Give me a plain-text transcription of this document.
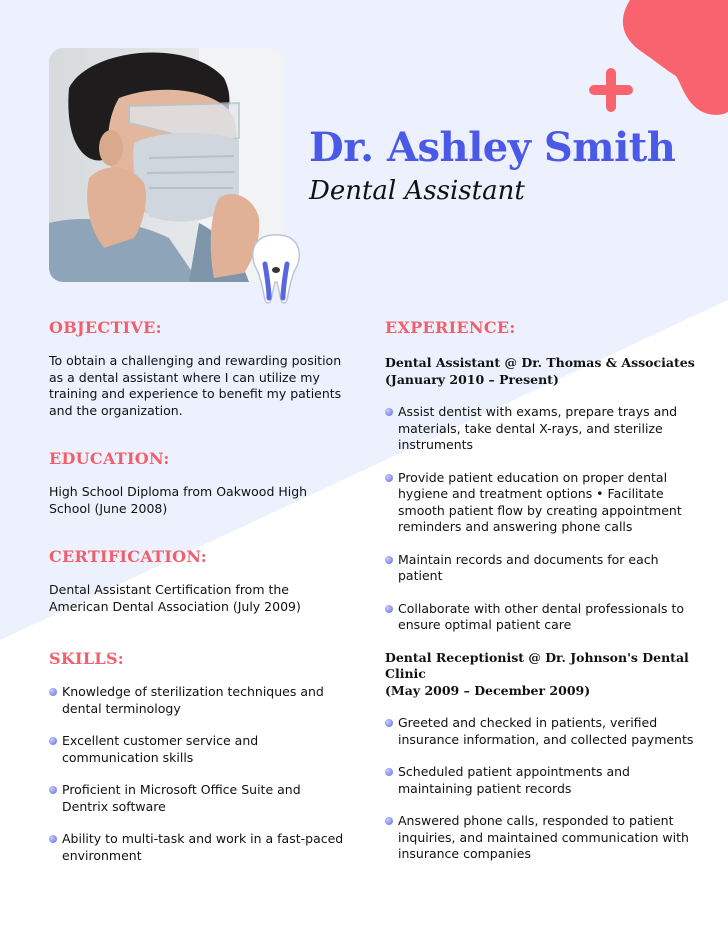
Dr. Ashley Smith
Dental Assistant
OBJECTIVE:

To obtain a challenging and rewarding position as a dental assistant where I can utilize my training and experience to benefit my patients and the organization.

EDUCATION:

High School Diploma from Oakwood High School (June 2008)

CERTIFICATION:

Dental Assistant Certification from the American Dental Association (July 2009)

SKILLS:
Knowledge of sterilization techniques and dental terminology
Excellent customer service and communication skills
Proficient in Microsoft Office Suite and Dentrix software
Ability to multi-task and work in a fast-paced environment
EXPERIENCE:
Dental Assistant @ Dr. Thomas & Associates
(January 2010 – Present)
Assist dentist with exams, prepare trays and materials, take dental X-rays, and sterilize instruments
Provide patient education on proper dental hygiene and treatment options • Facilitate smooth patient flow by creating appointment reminders and answering phone calls
Maintain records and documents for each patient
Collaborate with other dental professionals to ensure optimal patient care
Dental Receptionist @ Dr. Johnson's Dental Clinic
(May 2009 – December 2009)
Greeted and checked in patients, verified insurance information, and collected payments
Scheduled patient appointments and maintaining patient records
Answered phone calls, responded to patient inquiries, and maintained communication with insurance companies
